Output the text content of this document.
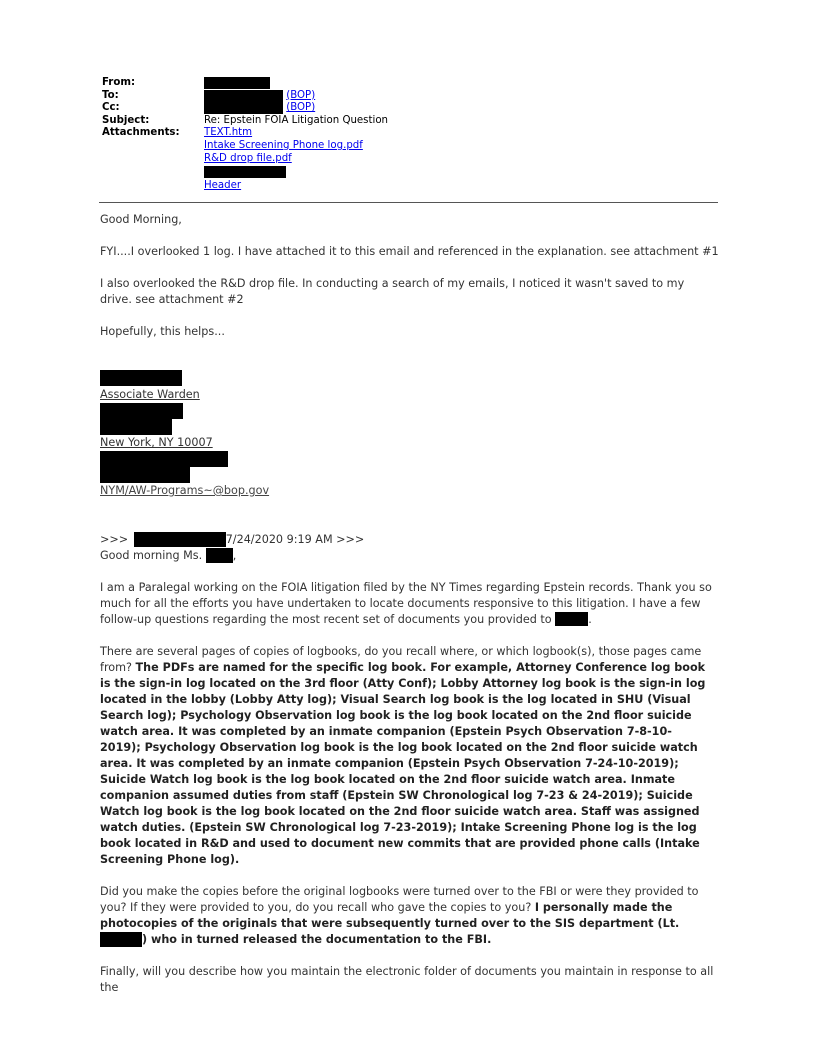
From:
To:	(BOP)
Cc:	(BOP)
Subject:	Re: Epstein FOIA Litigation Question
Attachments:	TEXT.htm
Intake Screening Phone log.pdf
R&D drop file.pdf
Header
Good Morning,
FYI....I overlooked 1 log. I have attached it to this email and referenced in the explanation. see attachment #1
I also overlooked the R&D drop file. In conducting a search of my emails, I noticed it wasn't saved to my drive. see attachment #2
Hopefully, this helps...
Associate Warden
New York, NY 10007
NYM/AW-Programs~@bop.gov
>>>	7/24/2020 9:19 AM >>>
Good morning Ms.	,
I am a Paralegal working on the FOIA litigation filed by the NY Times regarding Epstein records. Thank you so much for all the efforts you have undertaken to locate documents responsive to this litigation. I have a few follow-up questions regarding the most recent set of documents you provided to	.
There are several pages of copies of logbooks, do you recall where, or which logbook(s), those pages came from? The PDFs are named for the specific log book. For example, Attorney Conference log book is the sign-in log located on the 3rd floor (Atty Conf); Lobby Attorney log book is the sign-in log located in the lobby (Lobby Atty log); Visual Search log book is the log located in SHU (Visual Search log); Psychology Observation log book is the log book located on the 2nd floor suicide watch area. It was completed by an inmate companion (Epstein Psych Observation 7-8-10-2019); Psychology Observation log book is the log book located on the 2nd floor suicide watch area. It was completed by an inmate companion (Epstein Psych Observation 7-24-10-2019); Suicide Watch log book is the log book located on the 2nd floor suicide watch area. Inmate companion assumed duties from staff (Epstein SW Chronological log 7-23 & 24-2019); Suicide Watch log book is the log book located on the 2nd floor suicide watch area. Staff was assigned watch duties. (Epstein SW Chronological log 7-23-2019); Intake Screening Phone log is the log book located in R&D and used to document new commits that are provided phone calls (Intake Screening Phone log).
Did you make the copies before the original logbooks were turned over to the FBI or were they provided to you? If they were provided to you, do you recall who gave the copies to you? I personally made the photocopies of the originals that were subsequently turned over to the SIS department (Lt.) who in turned released the documentation to the FBI.
Finally, will you describe how you maintain the electronic folder of documents you maintain in response to all the
